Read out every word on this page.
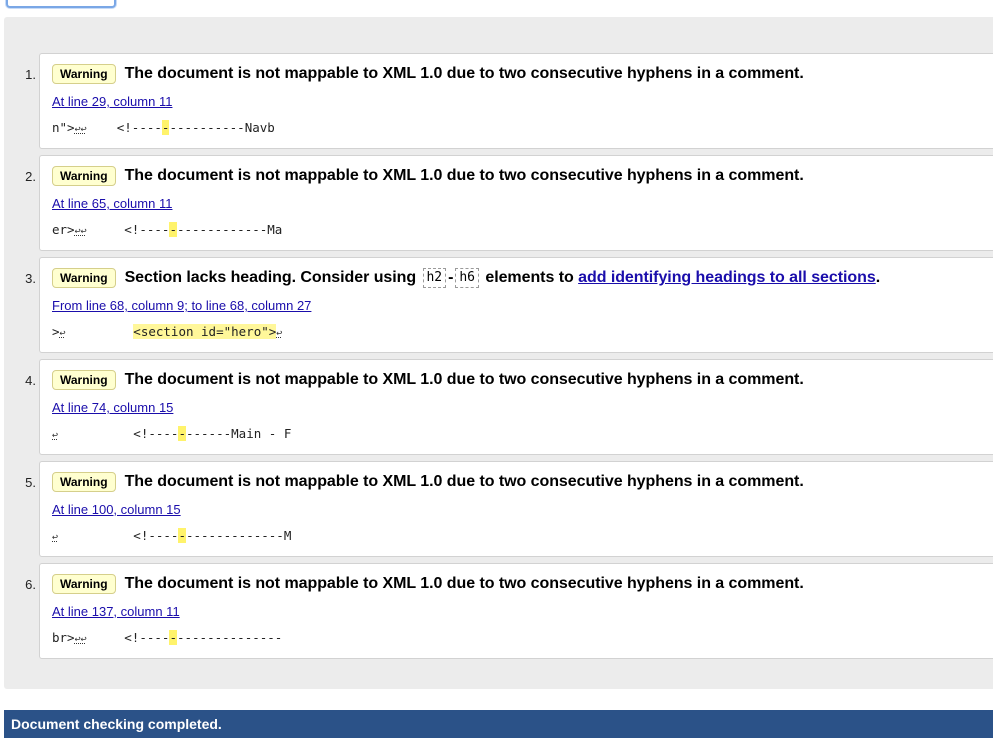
1.	Warning	The document is not mappable to XML 1.0 due to two consecutive hyphens in a comment.
At line 29, column 11
n">↩↩    <!---------------Navb
2.	Warning	The document is not mappable to XML 1.0 due to two consecutive hyphens in a comment.
At line 65, column 11
er>↩↩     <!-----------------Ma
3.	Warning	Section lacks heading. Consider using h2 - h6 elements to add identifying headings to all sections.
From line 68, column 9; to line 68, column 27
>↩	<section id="hero">↩
4.	Warning	The document is not mappable to XML 1.0 due to two consecutive hyphens in a comment.
At line 74, column 15
↩          <!-----------Main - F
5.	Warning	The document is not mappable to XML 1.0 due to two consecutive hyphens in a comment.
At line 100, column 15
↩          <!------------------M
6.	Warning	The document is not mappable to XML 1.0 due to two consecutive hyphens in a comment.
At line 137, column 11
br>↩↩     <!-------------------
Document checking completed.
